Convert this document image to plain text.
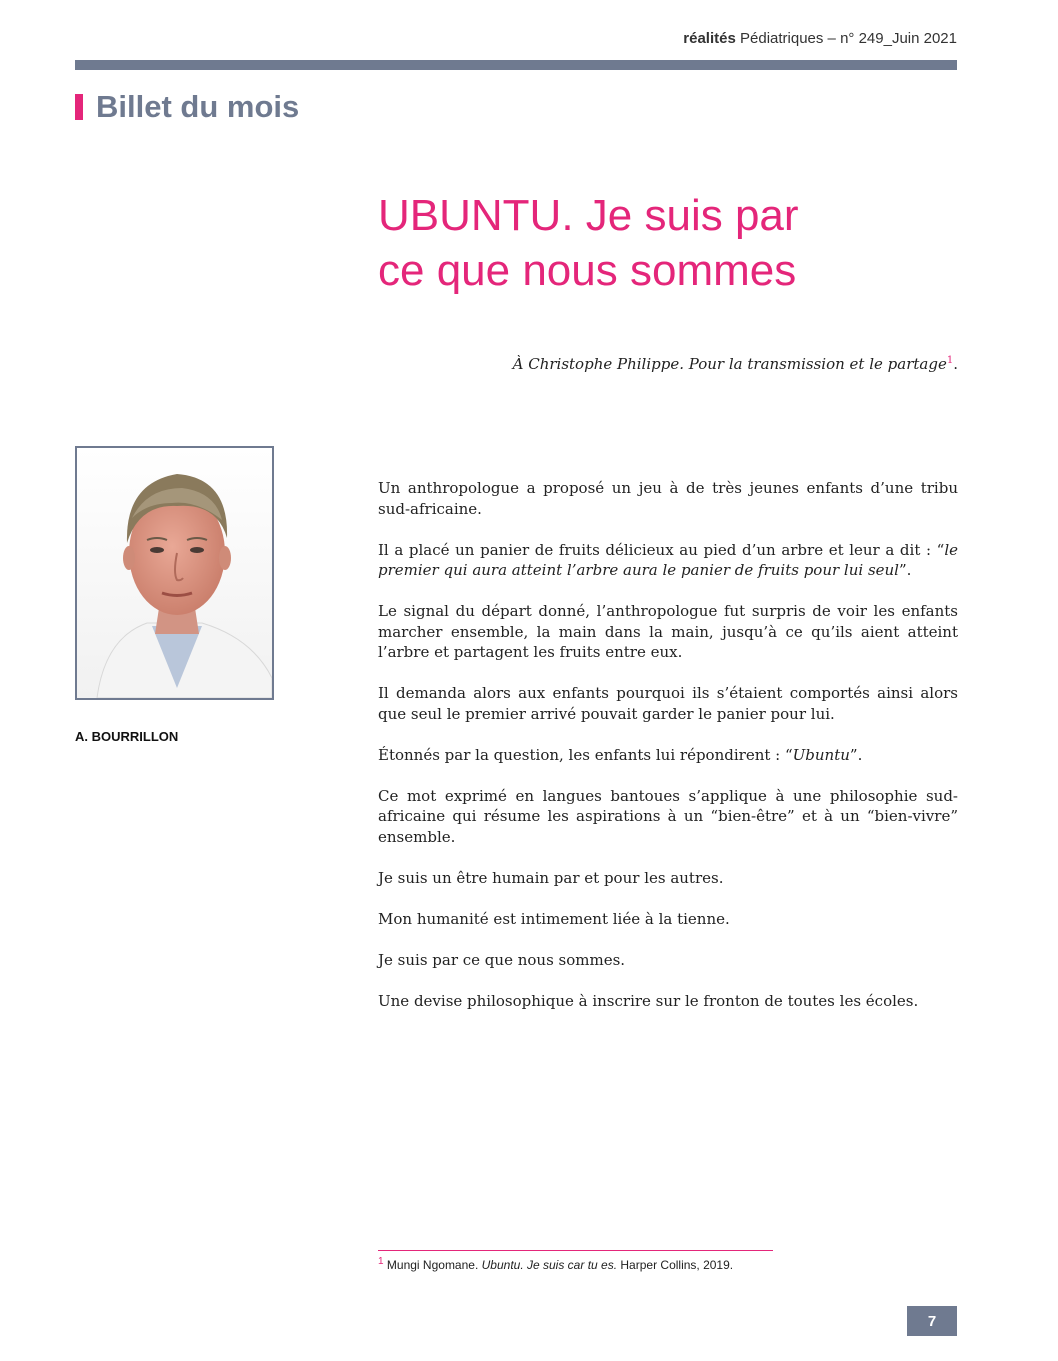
réalités Pédiatriques – n° 249_Juin 2021
Billet du mois
UBUNTU. Je suis par
ce que nous sommes
À Christophe Philippe. Pour la transmission et le partage$^1$.
A. BOURRILLON

Un anthropologue a proposé un jeu à de très jeunes enfants d’une tribu sud-africaine.

Il a placé un panier de fruits délicieux au pied d’un arbre et leur a dit : “le premier qui aura atteint l’arbre aura le panier de fruits pour lui seul”.

Le signal du départ donné, l’anthropologue fut surpris de voir les enfants marcher ensemble, la main dans la main, jusqu’à ce qu’ils aient atteint l’arbre et partagent les fruits entre eux.

Il demanda alors aux enfants pourquoi ils s’étaient comportés ainsi alors que seul le premier arrivé pouvait garder le panier pour lui.

Étonnés par la question, les enfants lui répondirent : “Ubuntu”.

Ce mot exprimé en langues bantoues s’applique à une philosophie sud-africaine qui résume les aspirations à un “bien-être” et à un “bien-vivre” ensemble.

Je suis un être humain par et pour les autres.

Mon humanité est intimement liée à la tienne.

Je suis par ce que nous sommes.

Une devise philosophique à inscrire sur le fronton de toutes les écoles.

$^1$ Mungi Ngomane. Ubuntu. Je suis car tu es. Harper Collins, 2019.
7
